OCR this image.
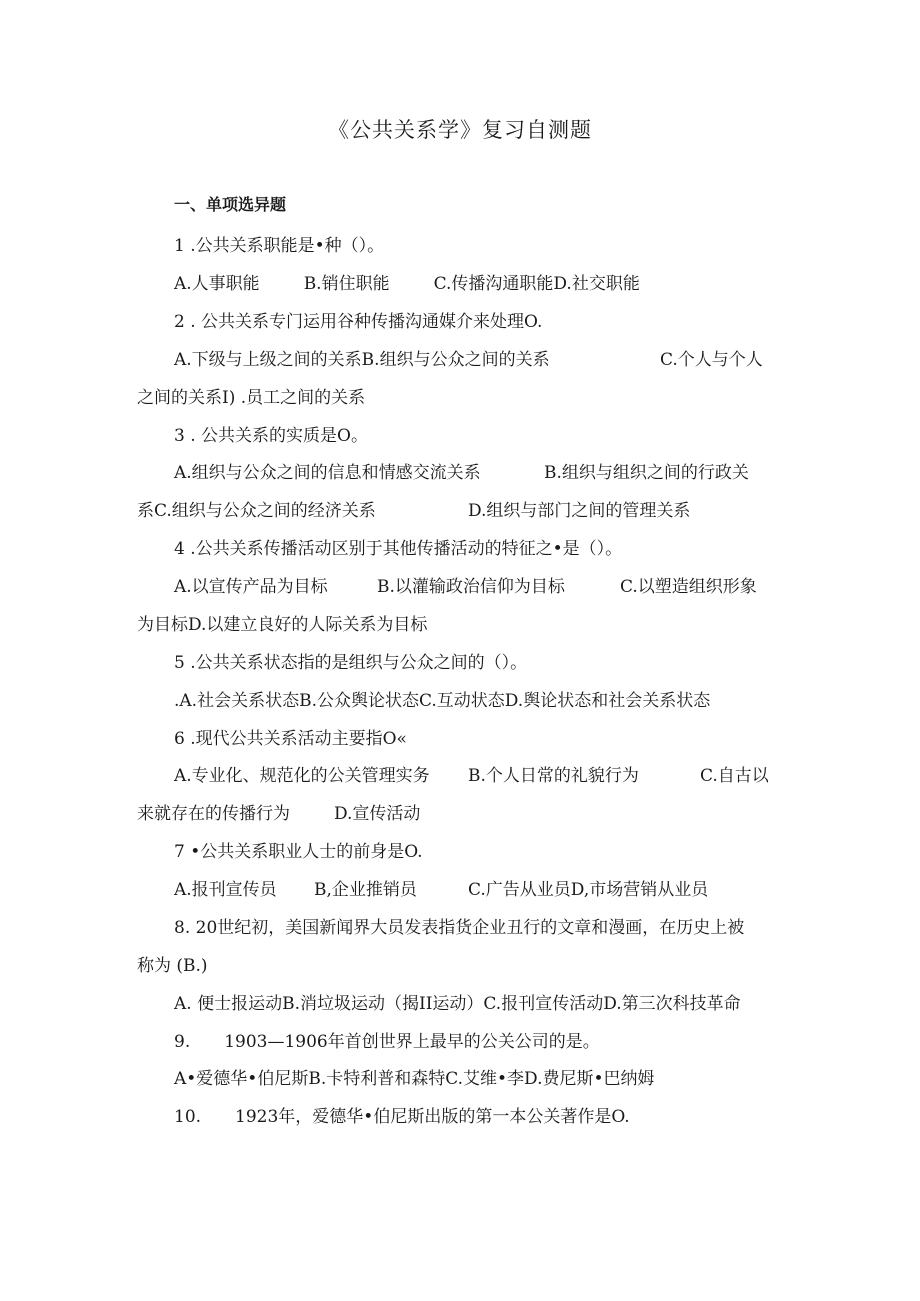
《公共关系学》复习自测题
一、单项选异题
1 .公共关系职能是•种（）。
A.人事职能	B.销住职能	C.传播沟通职能D.社交职能
2 . 公共关系专门运用谷种传播沟通媒介来处理O.
A.下级与上级之间的关系B.组织与公众之间的关系	C.个人与个人
之间的关系I) .员工之间的关系
3 . 公共关系的实质是O。
A.组织与公众之间的信息和情感交流关系	B.组织与组织之间的行政关
系C.组织与公众之间的经济关系	D.组织与部门之间的管理关系
4 .公共关系传播活动区别于其他传播活动的特征之•是（）。
A.以宣传产品为目标	B.以灌输政治信仰为目标	C.以塑造组织形象
为目标D.以建立良好的人际关系为目标
5 .公共关系状态指的是组织与公众之间的（）。
.A.社会关系状态B.公众舆论状态C.互动状态D.舆论状态和社会关系状态
6 .现代公共关系活动主要指O«
A.专业化、规范化的公关管理实务 B.个人日常的礼貌行为	C.自古以
来就存在的传播行为	D.宣传活动
7 •公共关系职业人士的前身是O.
A.报刊宣传员 B,企业推销员	C.广告从业员D,市场营销从业员
8. 20世纪初，美国新闻界大员发表指货企业丑行的文章和漫画，在历史上被
称为 (B.)
A. 便士报运动B.消垃圾运动（揭II运动）C.报刊宣传活动D.第三次科技革命
9.　　1903—1906年首创世界上最早的公关公司的是。
A•爱德华•伯尼斯B.卡特利普和森特C.艾维•李D.费尼斯•巴纳姆
10.　　1923年，爱德华•伯尼斯出版的第一本公关著作是O.
